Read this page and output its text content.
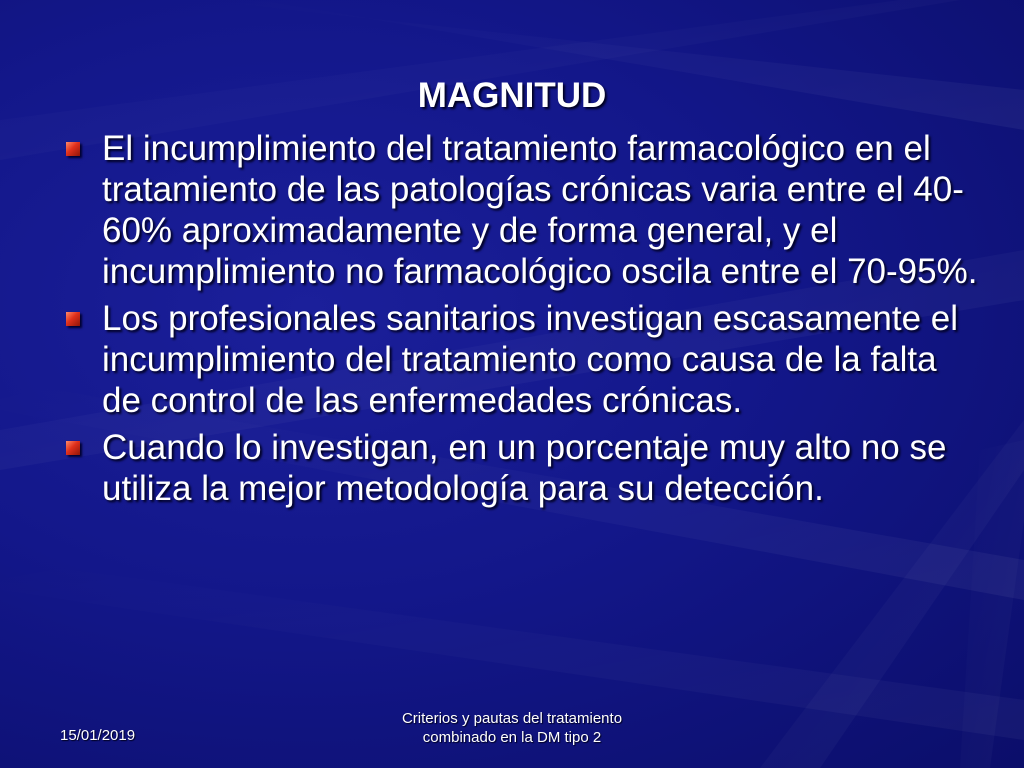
MAGNITUD
El incumplimiento del tratamiento farmacológico en el tratamiento de las patologías crónicas varia entre el 40-60% aproximadamente y de forma general, y el incumplimiento no farmacológico oscila entre el 70-95%.
Los profesionales sanitarios investigan escasamente el incumplimiento del tratamiento como causa de la falta de control de las enfermedades crónicas.
Cuando lo investigan, en un porcentaje muy alto no se utiliza la mejor metodología para su detección.
15/01/2019
Criterios y pautas del tratamiento
combinado en la DM tipo 2
